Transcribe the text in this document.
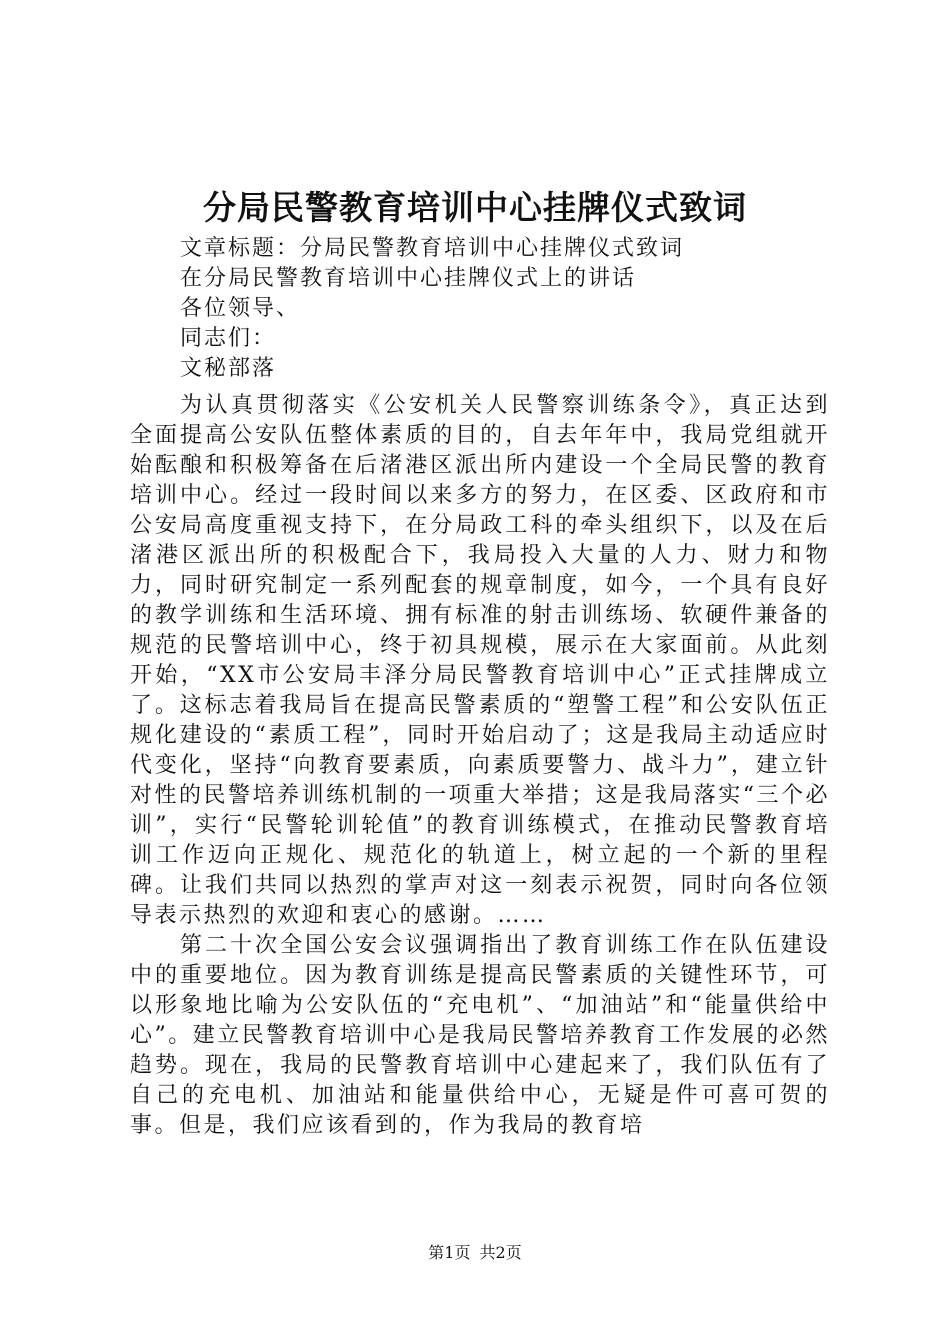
分局民警教育培训中心挂牌仪式致词
文章标题：分局民警教育培训中心挂牌仪式致词
在分局民警教育培训中心挂牌仪式上的讲话
各位领导、
同志们：
文秘部落

为认真贯彻落实《公安机关人民警察训练条令》，真正达到全面提高公安队伍整体素质的目的，自去年年中，我局党组就开始酝酿和积极筹备在后渚港区派出所内建设一个全局民警的教育培训中心。经过一段时间以来多方的努力，在区委、区政府和市公安局高度重视支持下，在分局政工科的牵头组织下，以及在后渚港区派出所的积极配合下，我局投入大量的人力、财力和物力，同时研究制定一系列配套的规章制度，如今，一个具有良好的教学训练和生活环境、拥有标准的射击训练场、软硬件兼备的规范的民警培训中心，终于初具规模，展示在大家面前。从此刻开始，“XX市公安局丰泽分局民警教育培训中心”正式挂牌成立了。这标志着我局旨在提高民警素质的“塑警工程”和公安队伍正规化建设的“素质工程”，同时开始启动了；这是我局主动适应时代变化，坚持“向教育要素质，向素质要警力、战斗力”，建立针对性的民警培养训练机制的一项重大举措；这是我局落实“三个必训”，实行“民警轮训轮值”的教育训练模式，在推动民警教育培训工作迈向正规化、规范化的轨道上，树立起的一个新的里程碑。让我们共同以热烈的掌声对这一刻表示祝贺，同时向各位领导表示热烈的欢迎和衷心的感谢。……

第二十次全国公安会议强调指出了教育训练工作在队伍建设中的重要地位。因为教育训练是提高民警素质的关键性环节，可以形象地比喻为公安队伍的“充电机”、“加油站”和“能量供给中心”。建立民警教育培训中心是我局民警培养教育工作发展的必然趋势。现在，我局的民警教育培训中心建起来了，我们队伍有了自己的充电机、加油站和能量供给中心，无疑是件可喜可贺的事。但是，我们应该看到的，作为我局的教育培

第1页 共2页
